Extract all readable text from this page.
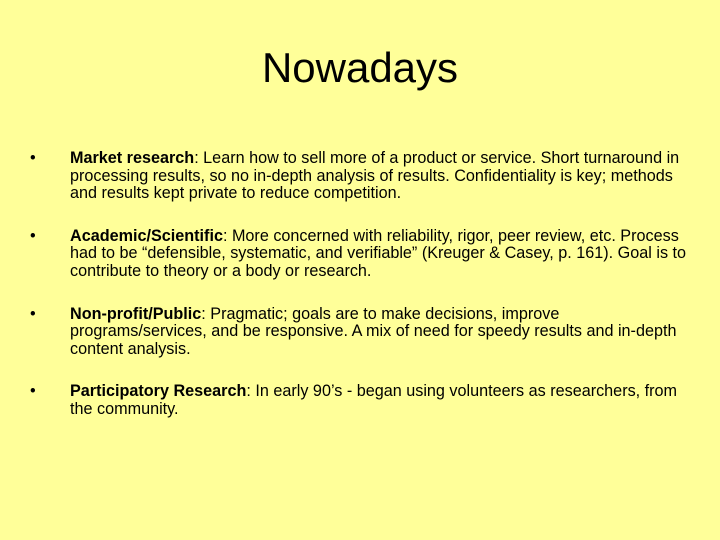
Nowadays
•	Market research: Learn how to sell more of a product or service. Short turnaround in processing results, so no in-depth analysis of results. Confidentiality is key; methods and results kept private to reduce competition.
•	Academic/Scientific: More concerned with reliability, rigor, peer review, etc. Process had to be “defensible, systematic, and verifiable” (Kreuger & Casey, p. 161). Goal is to contribute to theory or a body or research.
•	Non-profit/Public: Pragmatic; goals are to make decisions, improve programs/services, and be responsive. A mix of need for speedy results and in-depth content analysis.
•	Participatory Research: In early 90’s - began using volunteers as researchers, from the community.
